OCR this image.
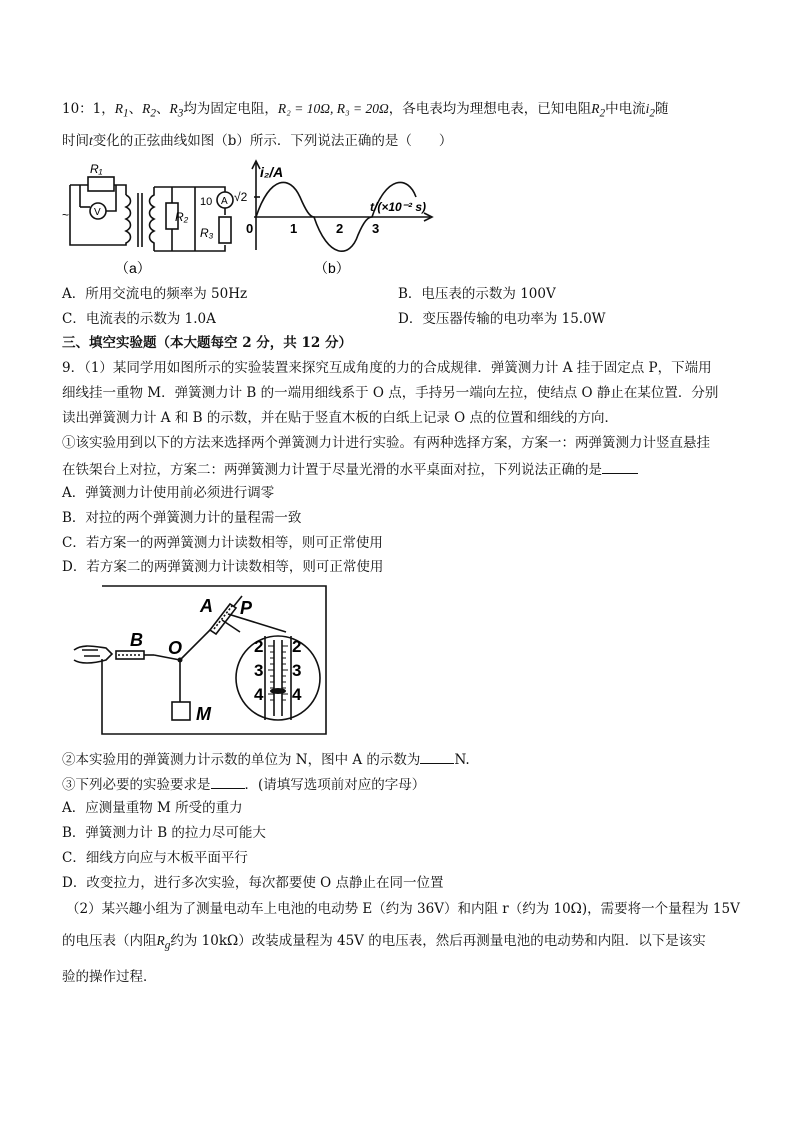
10：1，$R_1$、$R_2$、$R_3$均为固定电阻，R₂ = 10Ω, R₃ = 20Ω，各电表均为理想电表，已知电阻$R_2$中电流$i_2$随
时间t变化的正弦曲线如图（b）所示．下列说法正确的是（　　）
~
R₁
V	R₂
10 A
R₃
（a）
i₂/A
√2
t/(×10⁻² s)
0	1	2 3
（b）
A．所用交流电的频率为 50Hz	B．电压表的示数为 100V
C．电流表的示数为 1.0A	D．变压器传输的电功率为 15.0W
三、填空实验题（本大题每空 2 分，共 12 分）
9．（1）某同学用如图所示的实验装置来探究互成角度的力的合成规律．弹簧测力计 A 挂于固定点 P，下端用
细线挂一重物 M．弹簧测力计 B 的一端用细线系于 O 点，手持另一端向左拉，使结点 O 静止在某位置．分别
读出弹簧测力计 A 和 B 的示数，并在贴于竖直木板的白纸上记录 O 点的位置和细线的方向．
①该实验用到以下的方法来选择两个弹簧测力计进行实验。有两种选择方案，方案一：两弹簧测力计竖直悬挂
在铁架台上对拉，方案二：两弹簧测力计置于尽量光滑的水平桌面对拉，下列说法正确的是
A．弹簧测力计使用前必须进行调零
B．对拉的两个弹簧测力计的量程需一致
C．若方案一的两弹簧测力计读数相等，则可正常使用
D．若方案二的两弹簧测力计读数相等，则可正常使用
A P
B O
M
2
3
4
2
3
4
②本实验用的弹簧测力计示数的单位为 N，图中 A 的示数为	N.
③下列必要的实验要求是	．(请填写选项前对应的字母）
A．应测量重物 M 所受的重力
B．弹簧测力计 B 的拉力尽可能大
C．细线方向应与木板平面平行
D．改变拉力，进行多次实验，每次都要使 O 点静止在同一位置
（2）某兴趣小组为了测量电动车上电池的电动势 E（约为 36V）和内阻 r（约为 10Ω)，需要将一个量程为 15V
的电压表（内阻$R_g$约为 10kΩ）改装成量程为 45V 的电压表，然后再测量电池的电动势和内阻．以下是该实
验的操作过程．
